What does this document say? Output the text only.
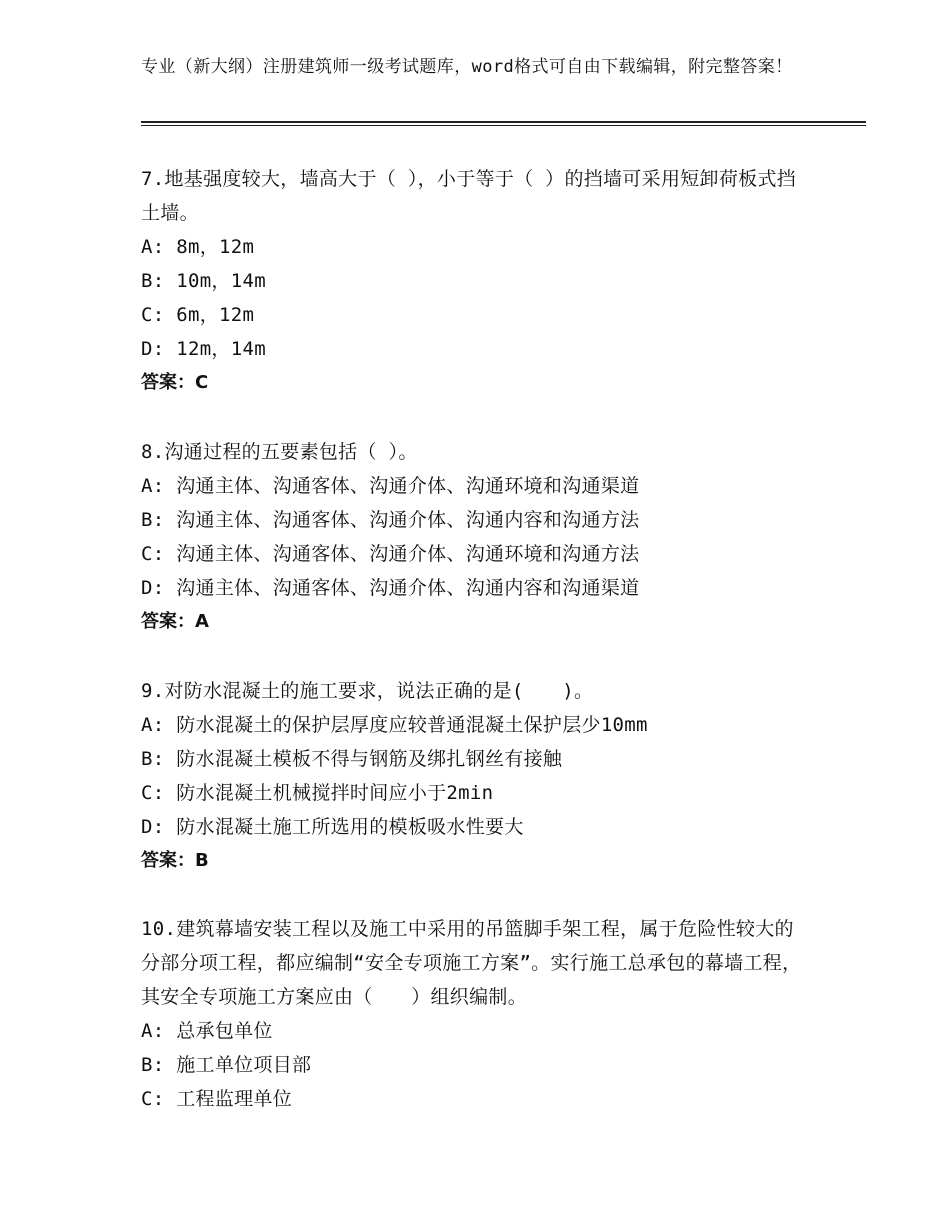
专业（新大纲）注册建筑师一级考试题库，word格式可自由下载编辑，附完整答案！

7.地基强度较大，墙高大于（ ），小于等于（ ）的挡墙可采用短卸荷板式挡土墙。

A: 8m，12m
B: 10m，14m
C: 6m，12m
D: 12m，14m
答案：C

8.沟通过程的五要素包括（ ）。

A: 沟通主体、沟通客体、沟通介体、沟通环境和沟通渠道
B: 沟通主体、沟通客体、沟通介体、沟通内容和沟通方法
C: 沟通主体、沟通客体、沟通介体、沟通环境和沟通方法
D: 沟通主体、沟通客体、沟通介体、沟通内容和沟通渠道
答案：A

9.对防水混凝土的施工要求，说法正确的是(　　)。

A: 防水混凝土的保护层厚度应较普通混凝土保护层少10mm
B: 防水混凝土模板不得与钢筋及绑扎钢丝有接触
C: 防水混凝土机械搅拌时间应小于2min
D: 防水混凝土施工所选用的模板吸水性要大
答案：B

10.建筑幕墙安装工程以及施工中采用的吊篮脚手架工程，属于危险性较大的分部分项工程，都应编制“安全专项施工方案”。实行施工总承包的幕墙工程，其安全专项施工方案应由（　　）组织编制。

A: 总承包单位
B: 施工单位项目部
C: 工程监理单位
